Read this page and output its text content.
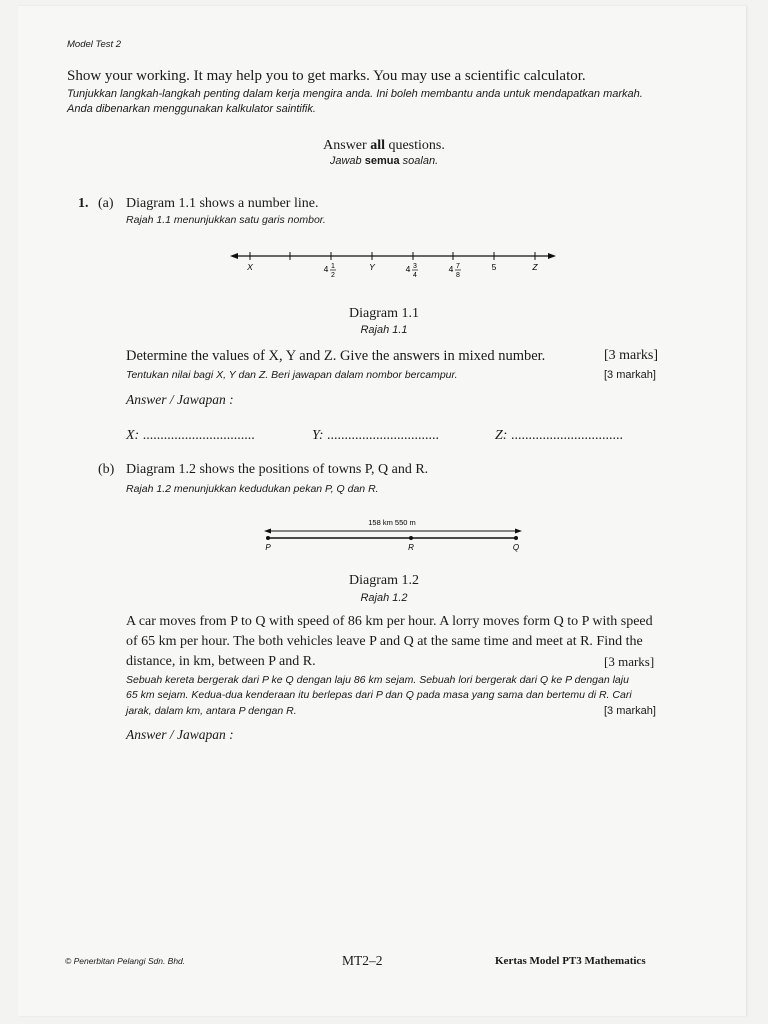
Model Test 2
Show your working. It may help you to get marks. You may use a scientific calculator.
Tunjukkan langkah-langkah penting dalam kerja mengira anda. Ini boleh membantu anda untuk mendapatkan markah.
Anda dibenarkan menggunakan kalkulator saintifik.
Answer all questions.
Jawab semua soalan.
1. (a) Diagram 1.1 shows a number line.
Rajah 1.1 menunjukkan satu garis nombor.
X	4 1
2
Y	4 3
4
4 7
8
5	Z
Diagram 1.1
Rajah 1.1
Determine the values of X, Y and Z. Give the answers in mixed number.
Tentukan nilai bagi X, Y dan Z. Beri jawapan dalam nombor bercampur.
[3 marks]
[3 markah]
Answer / Jawapan :
X: ................................	Y: ................................	Z: ................................
(b) Diagram 1.2 shows the positions of towns P, Q and R.
Rajah 1.2 menunjukkan kedudukan pekan P, Q dan R.
158 km 550 m
P	R	Q
Diagram 1.2
Rajah 1.2
A car moves from P to Q with speed of 86 km per hour. A lorry moves form Q to P with speed
of 65 km per hour. The both vehicles leave P and Q at the same time and meet at R. Find the
distance, in km, between P and R.	[3 marks]
Sebuah kereta bergerak dari P ke Q dengan laju 86 km sejam. Sebuah lori bergerak dari Q ke P dengan laju
65 km sejam. Kedua-dua kenderaan itu berlepas dari P dan Q pada masa yang sama dan bertemu di R. Cari
jarak, dalam km, antara P dengan R.	[3 markah]
Answer / Jawapan :
© Penerbitan Pelangi Sdn. Bhd.	MT2–2	Kertas Model PT3 Mathematics
